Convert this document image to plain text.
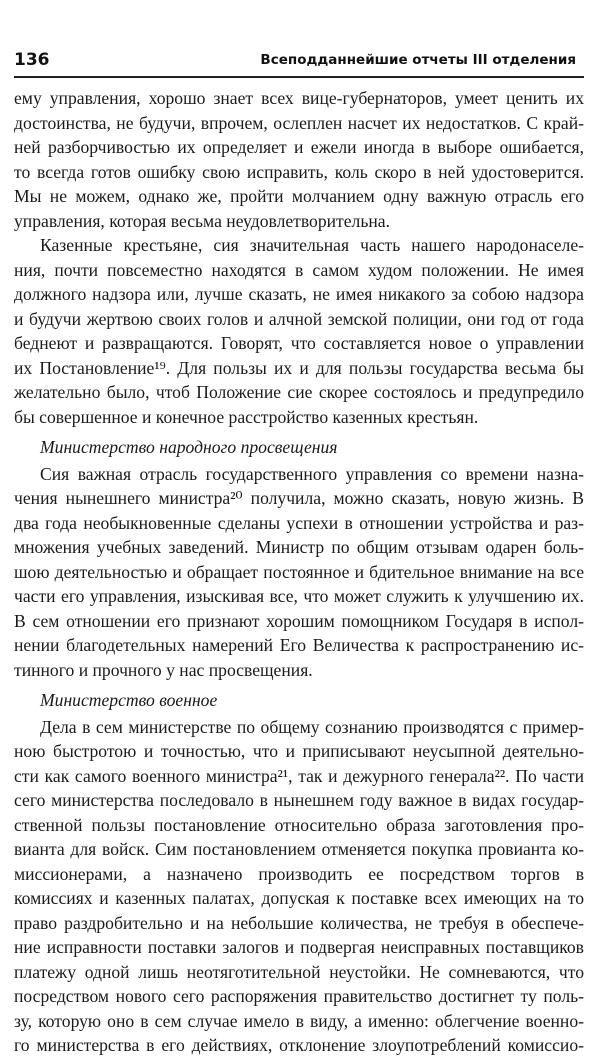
136	Всеподданнейшие отчеты III отделения
ему управления, хорошо знает всех вице-губернаторов, умеет ценить их
достоинства, не будучи, впрочем, ослеплен насчет их недостатков. С край-
ней разборчивостью их определяет и ежели иногда в выборе ошибается,
то всегда готов ошибку свою исправить, коль скоро в ней удостоверится.
Мы не можем, однако же, пройти молчанием одну важную отрасль его
управления, которая весьма неудовлетворительна.
Казенные крестьяне, сия значительная часть нашего народонаселе-
ния, почти повсеместно находятся в самом худом положении. Не имея
должного надзора или, лучше сказать, не имея никакого за собою надзора
и будучи жертвою своих голов и алчной земской полиции, они год от года
беднеют и развращаются. Говорят, что составляется новое о управлении
их Постановление¹⁹. Для пользы их и для пользы государства весьма бы
желательно было, чтоб Положение сие скорее состоялось и предупредило
бы совершенное и конечное расстройство казенных крестьян.
Министерство народного просвещения
Сия важная отрасль государственного управления со времени назна-
чения нынешнего министра²⁰ получила, можно сказать, новую жизнь. В
два года необыкновенные сделаны успехи в отношении устройства и раз-
множения учебных заведений. Министр по общим отзывам одарен боль-
шою деятельностью и обращает постоянное и бдительное внимание на все
части его управления, изыскивая все, что может служить к улучшению их.
В сем отношении его признают хорошим помощником Государя в испол-
нении благодетельных намерений Его Величества к распространению ис-
тинного и прочного у нас просвещения.
Министерство военное
Дела в сем министерстве по общему сознанию производятся с пример-
ною быстротою и точностью, что и приписывают неусыпной деятельно-
сти как самого военного министра²¹, так и дежурного генерала²². По части
сего министерства последовало в нынешнем году важное в видах государ-
ственной пользы постановление относительно образа заготовления про-
вианта для войск. Сим постановлением отменяется покупка провианта ко-
миссионерами, а назначено производить ее посредством торгов в
комиссиях и казенных палатах, допуская к поставке всех имеющих на то
право раздробительно и на небольшие количества, не требуя в обеспече-
ние исправности поставки залогов и подвергая неисправных поставщиков
платежу одной лишь неотяготительной неустойки. Не сомневаются, что
посредством нового сего распоряжения правительство достигнет ту поль-
зу, которую оно в сем случае имело в виду, а именно: облегчение военно-
го министерства в его действиях, отклонение злоупотреблений комиссио-
